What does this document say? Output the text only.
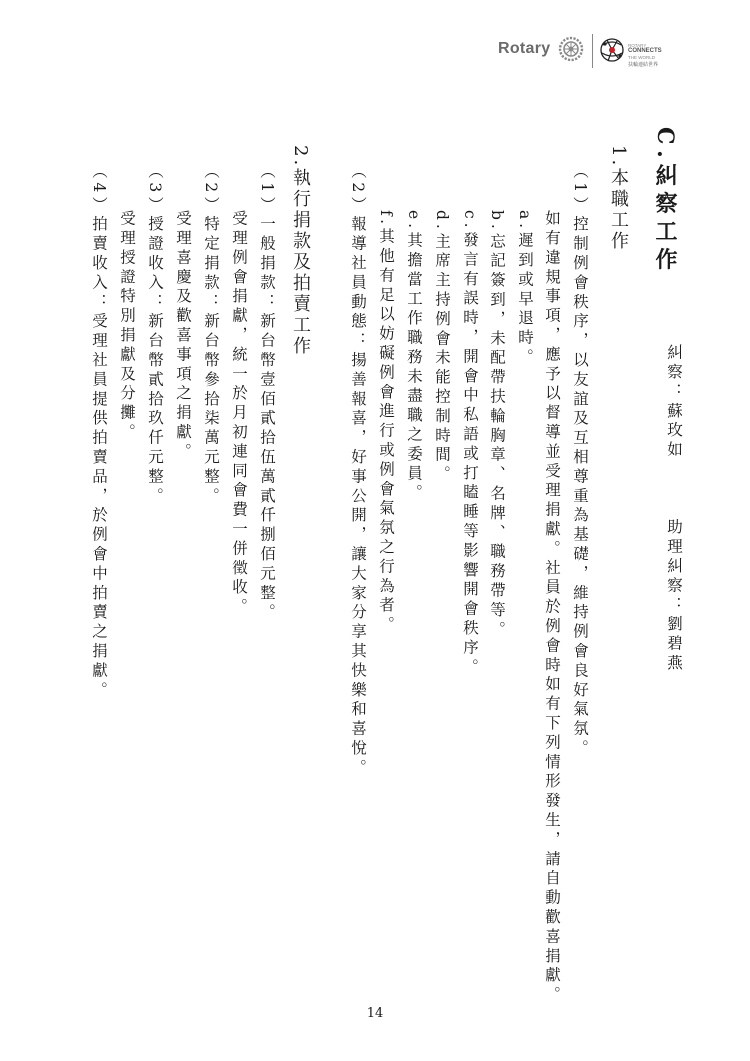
Rotary	ROTARY
CONNECTS
THE WORLD
扶輪連結世界
C.糾察工作
糾察：蘇玫如　　　助理糾察：劉碧燕
1.本職工作
（1）控制例會秩序，以友誼及互相尊重為基礎，維持例會良好氣氛。
如有違規事項，應予以督導並受理捐獻。社員於例會時如有下列情形發生，請自動歡喜捐獻。
a.遲到或早退時。
b.忘記簽到，未配帶扶輪胸章、名牌、職務帶等。
c.發言有誤時，開會中私語或打瞌睡等影響開會秩序。
d.主席主持例會未能控制時間。
e.其擔當工作職務未盡職之委員。
f.其他有足以妨礙例會進行或例會氣氛之行為者。
（2）報導社員動態：揚善報喜，好事公開，讓大家分享其快樂和喜悅。
2.執行捐款及拍賣工作
（1）一般捐款：新台幣壹佰貳拾伍萬貳仟捌佰元整。
受理例會捐獻，統一於月初連同會費一併徵收。
（2）特定捐款：新台幣參拾柒萬元整。
受理喜慶及歡喜事項之捐獻。
（3）授證收入：新台幣貳拾玖仟元整。
受理授證特別捐獻及分攤。
（4）拍賣收入：受理社員提供拍賣品，於例會中拍賣之捐獻。
14
